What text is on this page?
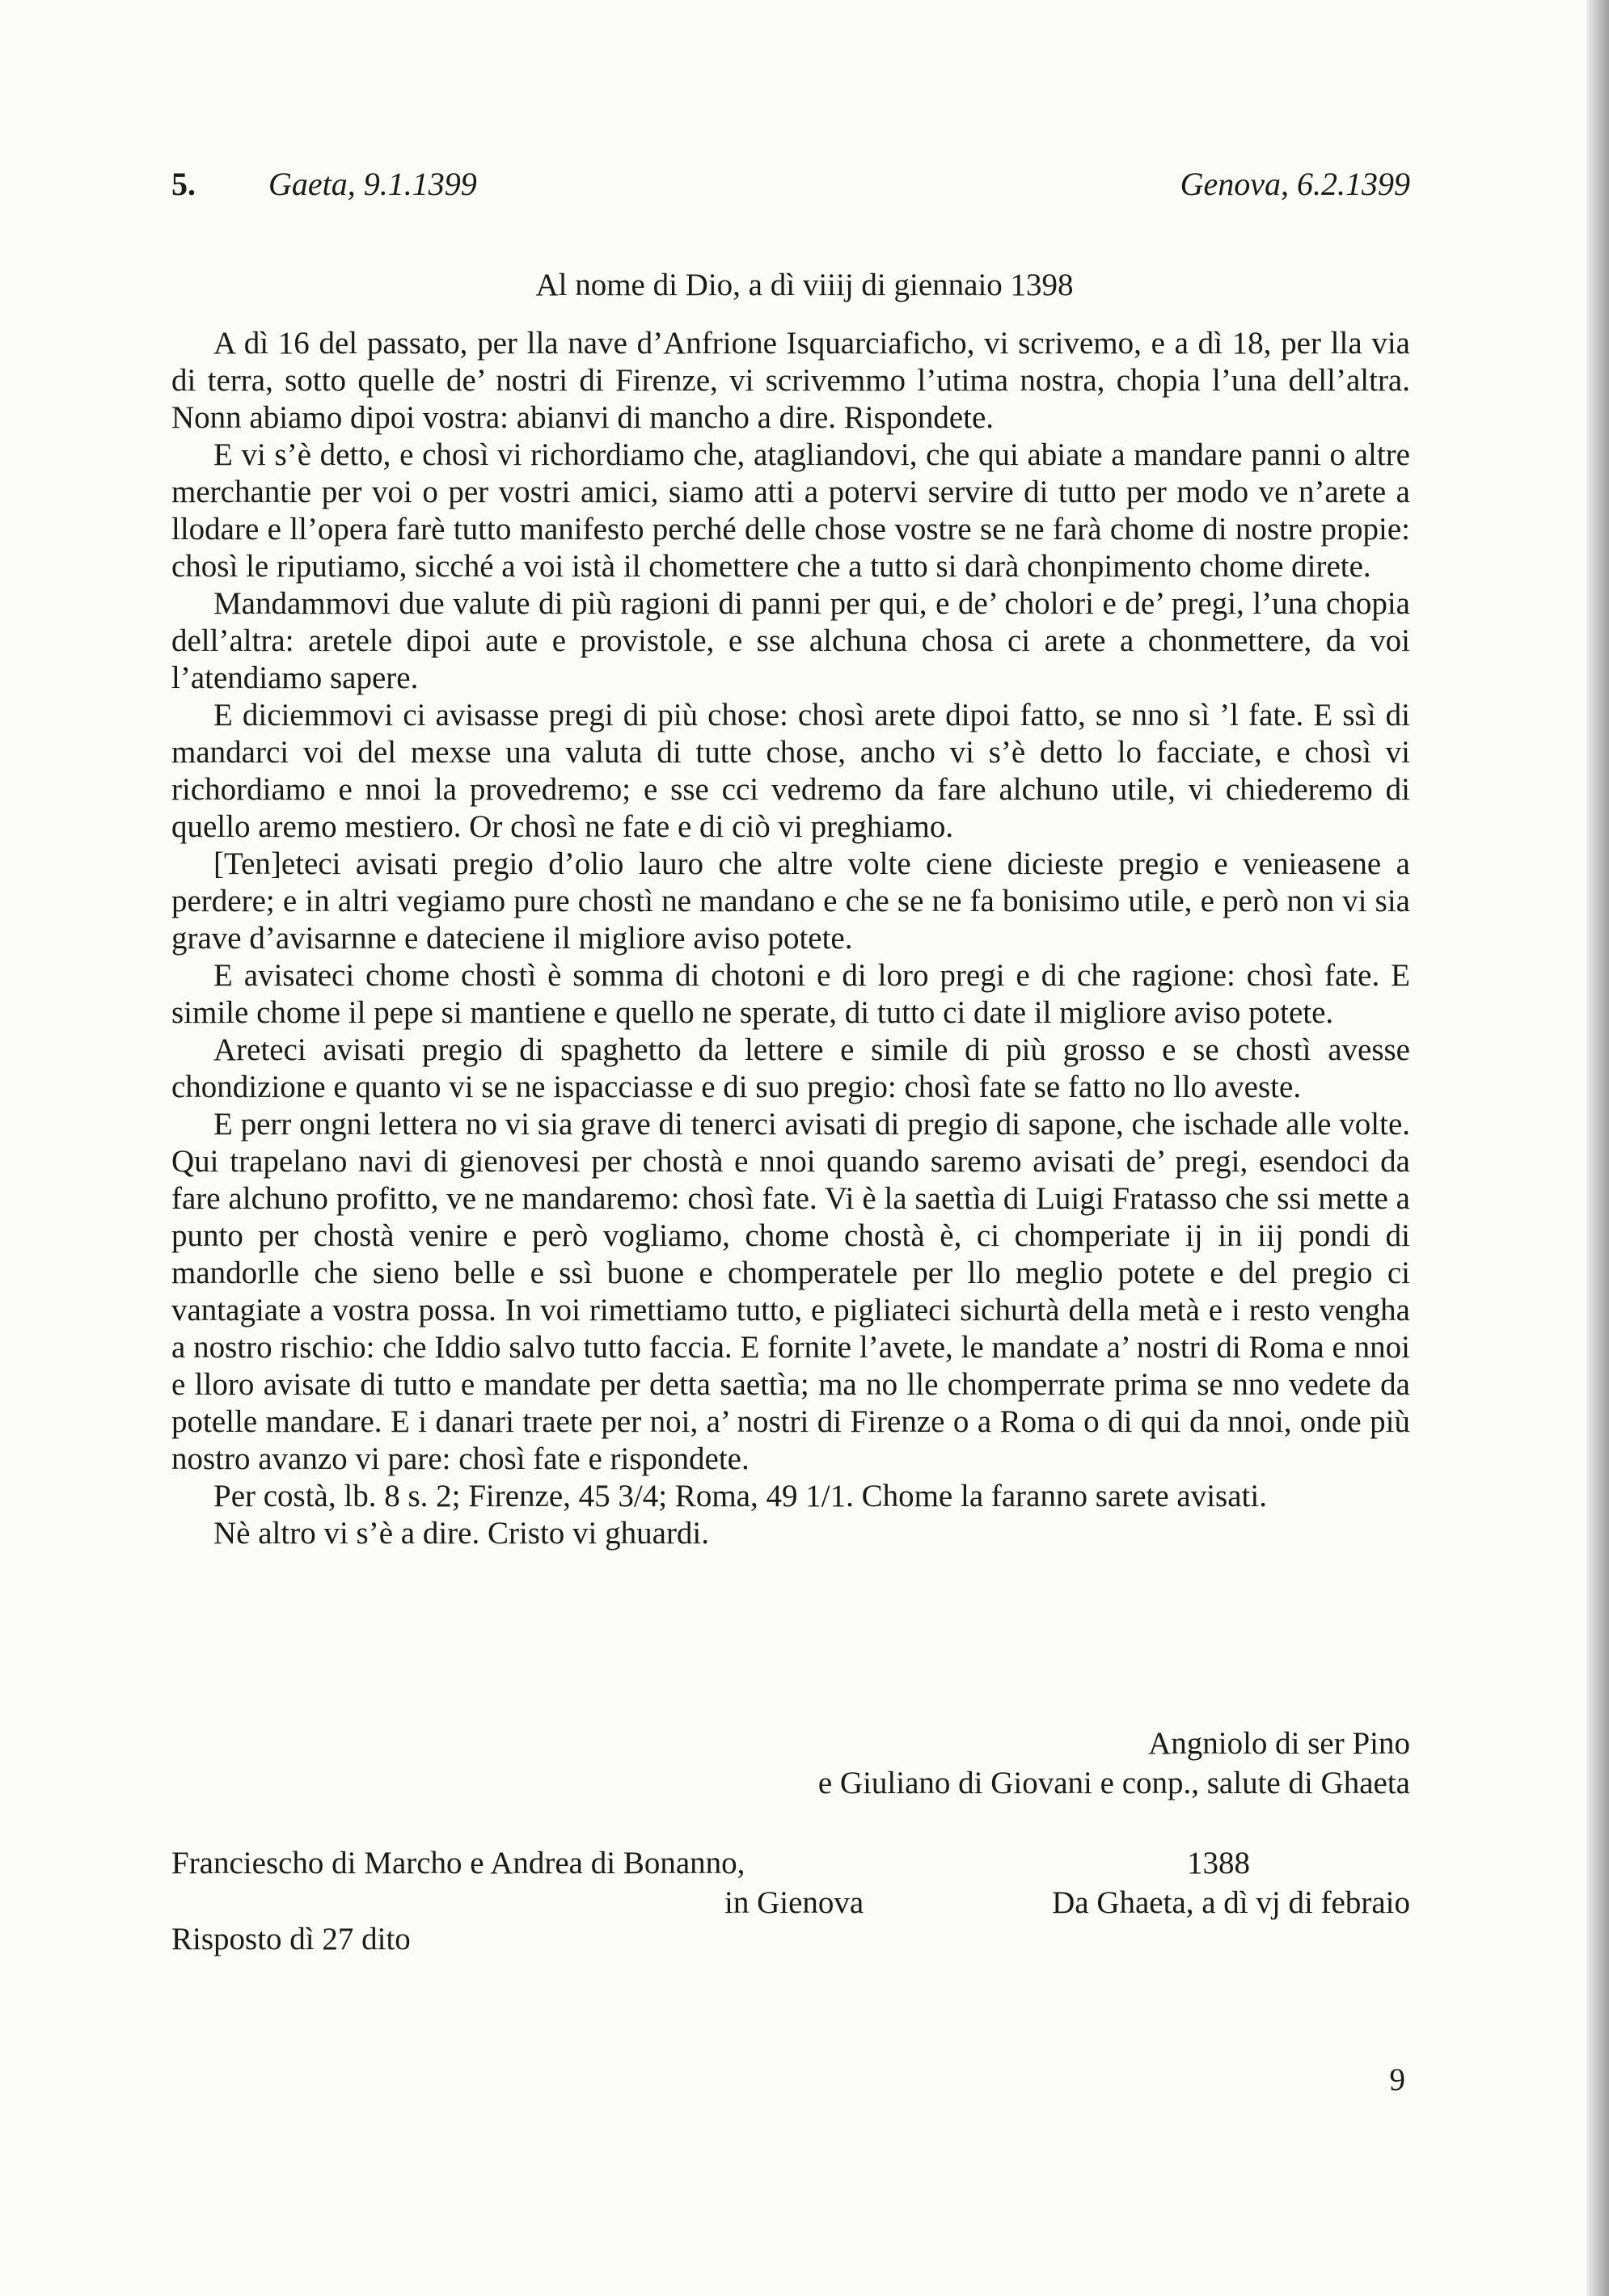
5. Gaeta, 9.1.1399	Genova, 6.2.1399
Al nome di Dio, a dì viiij di giennaio 1398

A dì 16 del passato, per lla nave d’Anfrione Isquarciaficho, vi scrivemo, e a dì 18, per lla via di terra, sotto quelle de’ nostri di Firenze, vi scrivemmo l’utima nostra, chopia l’una dell’altra. Nonn abiamo dipoi vostra: abianvi di mancho a dire. Rispondete.

E vi s’è detto, e chosì vi richordiamo che, atagliandovi, che qui abiate a mandare panni o altre merchantie per voi o per vostri amici, siamo atti a potervi servire di tutto per modo ve n’arete a llodare e ll’opera farè tutto manifesto perché delle chose vostre se ne farà chome di nostre propie: chosì le riputiamo, sicché a voi istà il chomettere che a tutto si darà chonpimento chome direte.

Mandammovi due valute di più ragioni di panni per qui, e de’ cholori e de’ pregi, l’una chopia dell’altra: aretele dipoi aute e provistole, e sse alchuna chosa ci arete a chonmettere, da voi l’atendiamo sapere.

E diciemmovi ci avisasse pregi di più chose: chosì arete dipoi fatto, se nno sì ’l fate. E ssì di mandarci voi del mexse una valuta di tutte chose, ancho vi s’è detto lo facciate, e chosì vi richordiamo e nnoi la provedremo; e sse cci vedremo da fare alchuno utile, vi chiederemo di quello aremo mestiero. Or chosì ne fate e di ciò vi preghiamo.

[Ten]eteci avisati pregio d’olio lauro che altre volte ciene dicieste pregio e venieasene a perdere; e in altri vegiamo pure chostì ne mandano e che se ne fa bonisimo utile, e però non vi sia grave d’avisarnne e dateciene il migliore aviso potete.

E avisateci chome chostì è somma di chotoni e di loro pregi e di che ragione: chosì fate. E simile chome il pepe si mantiene e quello ne sperate, di tutto ci date il migliore aviso potete.

Areteci avisati pregio di spaghetto da lettere e simile di più grosso e se chostì avesse chondizione e quanto vi se ne ispacciasse e di suo pregio: chosì fate se fatto no llo aveste.

E perr ongni lettera no vi sia grave di tenerci avisati di pregio di sapone, che ischade alle volte. Qui trapelano navi di gienovesi per chostà e nnoi quando saremo avisati de’ pregi, esendoci da fare alchuno profitto, ve ne mandaremo: chosì fate. Vi è la saettìa di Luigi Fratasso che ssi mette a punto per chostà venire e però vogliamo, chome chostà è, ci chomperiate ij in iij pondi di mandorlle che sieno belle e ssì buone e chomperatele per llo meglio potete e del pregio ci vantagiate a vostra possa. In voi rimettiamo tutto, e pigliateci sichurtà della metà e i resto vengha a nostro rischio: che Iddio salvo tutto faccia. E fornite l’avete, le mandate a’ nostri di Roma e nnoi e lloro avisate di tutto e mandate per detta saettìa; ma no lle chomperrate prima se nno vedete da potelle mandare. E i danari traete per noi, a’ nostri di Firenze o a Roma o di qui da nnoi, onde più nostro avanzo vi pare: chosì fate e rispondete.

Per costà, lb. 8 s. 2; Firenze, 45 3/4; Roma, 49 1/1. Chome la faranno sarete avisati.

Nè altro vi s’è a dire. Cristo vi ghuardi.

Angniolo di ser Pino
e Giuliano di Giovani e conp., salute di Ghaeta
Franciescho di Marcho e Andrea di Bonanno,
in Gienova
1388
Da Ghaeta, a dì vj di febraio
Risposto dì 27 dito
9
